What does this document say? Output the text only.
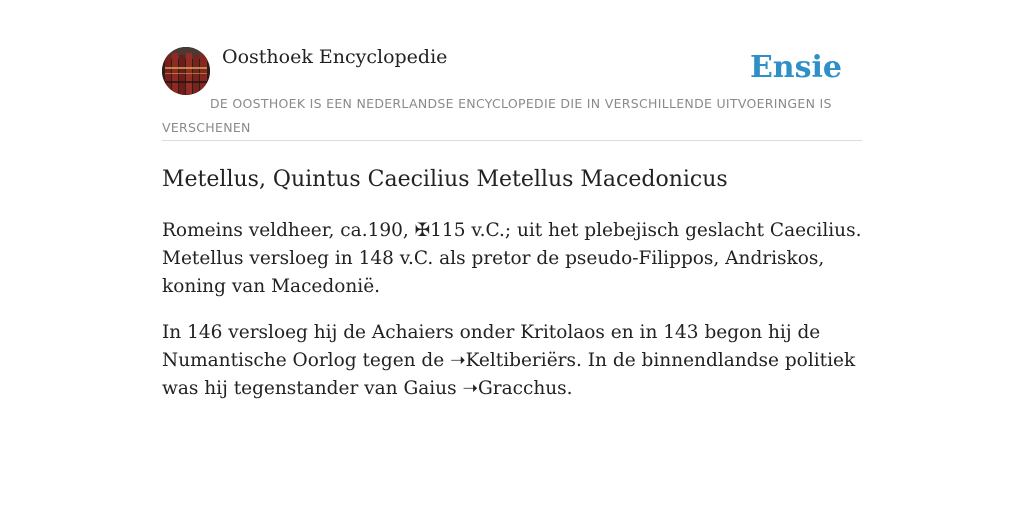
Oosthoek Encyclopedie	Ensie
DE OOSTHOEK IS EEN NEDERLANDSE ENCYCLOPEDIE DIE IN VERSCHILLENDE UITVOERINGEN IS VERSCHENEN
Metellus, Quintus Caecilius Metellus Macedonicus

Romeins veldheer, ca.190, ✠115 v.C.; uit het plebejisch geslacht Caecilius. Metellus versloeg in 148 v.C. als pretor de pseudo-Filippos, Andriskos, koning van Macedonië.

In 146 versloeg hij de Achaiers onder Kritolaos en in 143 begon hij de Numantische Oorlog tegen de ➝Keltiberiërs. In de binnendlandse politiek was hij tegenstander van Gaius ➝Gracchus.
